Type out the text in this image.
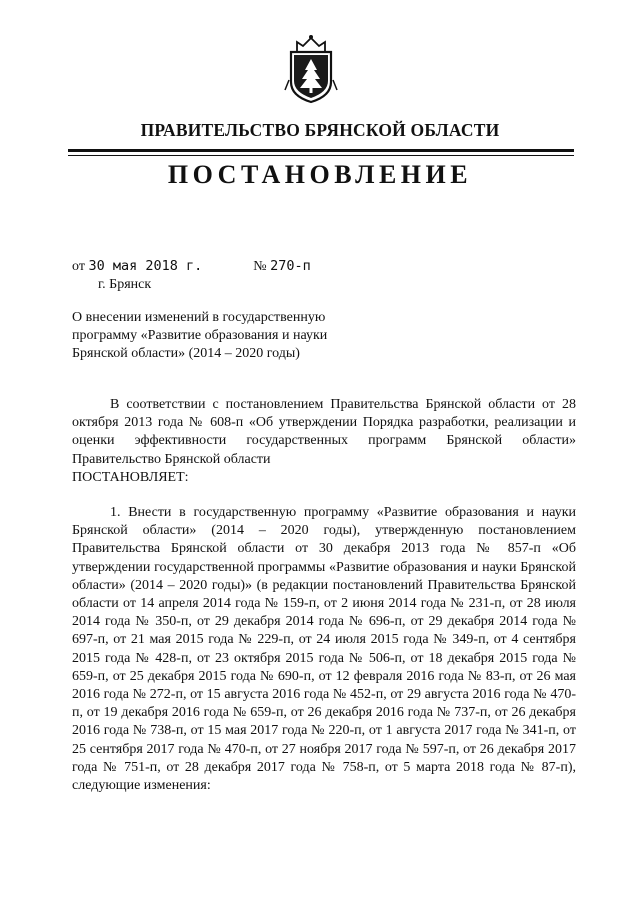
ПРАВИТЕЛЬСТВО БРЯНСКОЙ ОБЛАСТИ
ПОСТАНОВЛЕНИЕ
от 30 мая 2018 г.	№ 270-п
г. Брянск
О внесении изменений в государственную
программу «Развитие образования и науки
Брянской области» (2014 – 2020 годы)

В соответствии с постановлением Правительства Брянской области от 28 октября 2013 года № 608-п «Об утверждении Порядка разработки, реализации и оценки эффективности государственных программ Брянской области» Правительство Брянской области

ПОСТАНОВЛЯЕТ:

1. Внести в государственную программу «Развитие образования и науки Брянской области» (2014 – 2020 годы), утвержденную постановлением Правительства Брянской области от 30 декабря 2013 года № 857-п «Об утверждении государственной программы «Развитие образования и науки Брянской области» (2014 – 2020 годы)» (в редакции постановлений Правительства Брянской области от 14 апреля 2014 года № 159-п, от 2 июня 2014 года № 231-п, от 28 июля 2014 года № 350-п, от 29 декабря 2014 года № 696-п, от 29 декабря 2014 года № 697-п, от 21 мая 2015 года № 229-п, от 24 июля 2015 года № 349-п, от 4 сентября 2015 года № 428-п, от 23 октября 2015 года № 506-п, от 18 декабря 2015 года № 659-п, от 25 декабря 2015 года № 690-п, от 12 февраля 2016 года № 83-п, от 26 мая 2016 года № 272-п, от 15 августа 2016 года № 452-п, от 29 августа 2016 года № 470-п, от 19 декабря 2016 года № 659-п, от 26 декабря 2016 года № 737-п, от 26 декабря 2016 года № 738-п, от 15 мая 2017 года № 220-п, от 1 августа 2017 года № 341-п, от 25 сентября 2017 года № 470-п, от 27 ноября 2017 года № 597-п, от 26 декабря 2017 года № 751-п, от 28 декабря 2017 года № 758-п, от 5 марта 2018 года № 87-п), следующие изменения:
